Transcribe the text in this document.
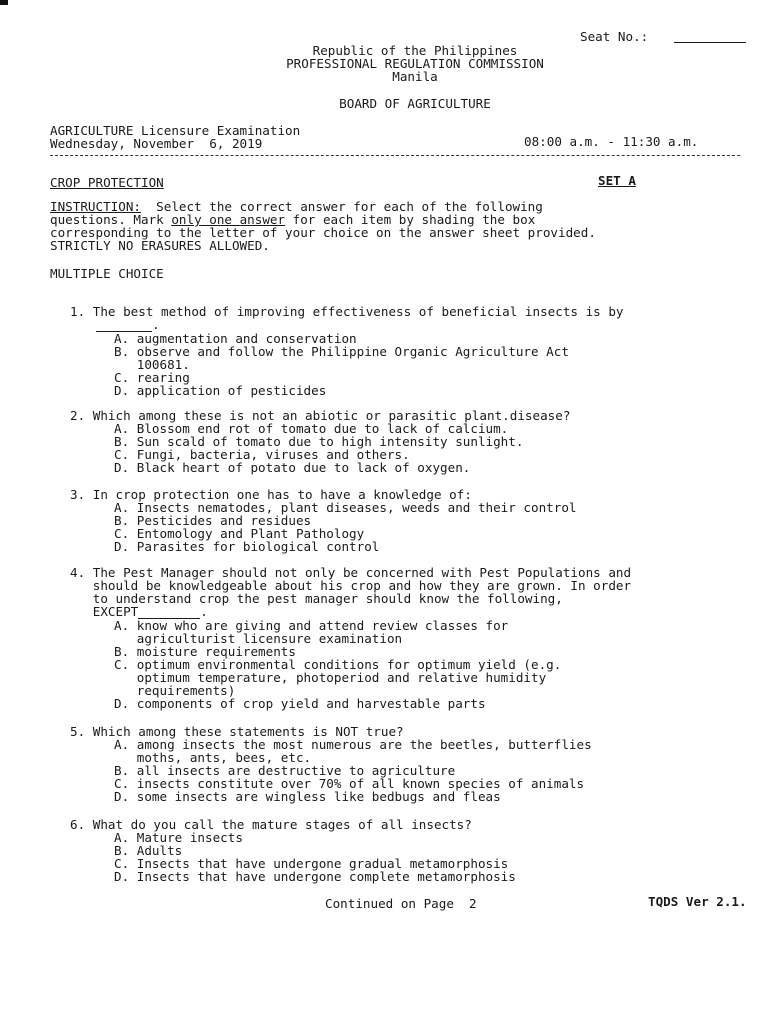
Seat No.:
Republic of the Philippines
PROFESSIONAL REGULATION COMMISSION
Manila
BOARD OF AGRICULTURE
AGRICULTURE Licensure Examination
Wednesday, November  6, 2019	08:00 a.m. - 11:30 a.m.
CROP PROTECTION	SET A
INSTRUCTION:  Select the correct answer for each of the following
questions. Mark only one answer for each item by shading the box
corresponding to the letter of your choice on the answer sheet provided.
STRICTLY NO ERASURES ALLOWED.
MULTIPLE CHOICE
1. The best method of improving effectiveness of beneficial insects is by
.
A. augmentation and conservation
B. observe and follow the Philippine Organic Agriculture Act
100681.
C. rearing
D. application of pesticides
2. Which among these is not an abiotic or parasitic plant.disease?
A. Blossom end rot of tomato due to lack of calcium.
B. Sun scald of tomato due to high intensity sunlight.
C. Fungi, bacteria, viruses and others.
D. Black heart of potato due to lack of oxygen.
3. In crop protection one has to have a knowledge of:
A. Insects nematodes, plant diseases, weeds and their control
B. Pesticides and residues
C. Entomology and Plant Pathology
D. Parasites for biological control
4. The Pest Manager should not only be concerned with Pest Populations and
should be knowledgeable about his crop and how they are grown. In order
to understand crop the pest manager should know the following,
EXCEPT	.
A. know who are giving and attend review classes for
agriculturist licensure examination
B. moisture requirements
C. optimum environmental conditions for optimum yield (e.g.
optimum temperature, photoperiod and relative humidity
requirements)
D. components of crop yield and harvestable parts
5. Which among these statements is NOT true?
A. among insects the most numerous are the beetles, butterflies
moths, ants, bees, etc.
B. all insects are destructive to agriculture
C. insects constitute over 70% of all known species of animals
D. some insects are wingless like bedbugs and fleas
6. What do you call the mature stages of all insects?
A. Mature insects
B. Adults
C. Insects that have undergone gradual metamorphosis
D. Insects that have undergone complete metamorphosis
Continued on Page  2	TQDS Ver 2.1.
